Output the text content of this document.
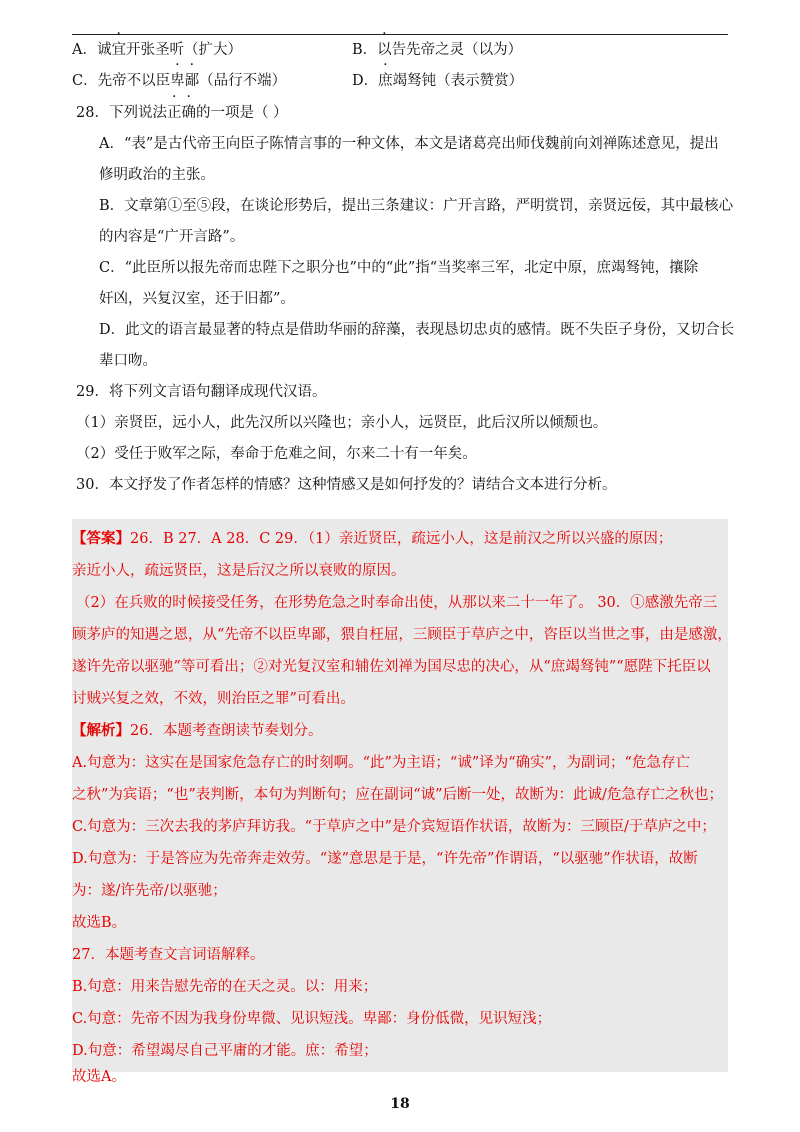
A．诚宜开张圣听（扩大）	B．以告先帝之灵（以为）
C．先帝不以臣卑鄙（品行不端）	D．庶竭驽钝（表示赞赏）
28．下列说法正确的一项是（ ）
A．“表”是古代帝王向臣子陈情言事的一种文体，本文是诸葛亮出师伐魏前向刘禅陈述意见，提出
修明政治的主张。
B．文章第①至⑤段，在谈论形势后，提出三条建议：广开言路，严明赏罚，亲贤远佞，其中最核心
的内容是“广开言路”。
C．“此臣所以报先帝而忠陛下之职分也”中的“此”指“当奖率三军，北定中原，庶竭驽钝，攘除
奸凶，兴复汉室，还于旧都”。
D．此文的语言最显著的特点是借助华丽的辞藻，表现恳切忠贞的感情。既不失臣子身份，又切合长
辈口吻。
29．将下列文言语句翻译成现代汉语。
（1）亲贤臣，远小人，此先汉所以兴隆也；亲小人，远贤臣，此后汉所以倾颓也。
（2）受任于败军之际，奉命于危难之间，尔来二十有一年矣。
30．本文抒发了作者怎样的情感？这种情感又是如何抒发的？请结合文本进行分析。
【答案】26．B 27．A 28．C 29．（1）亲近贤臣，疏远小人，这是前汉之所以兴盛的原因；
亲近小人，疏远贤臣，这是后汉之所以衰败的原因。
（2）在兵败的时候接受任务，在形势危急之时奉命出使，从那以来二十一年了。 30．①感激先帝三
顾茅庐的知遇之恩，从“先帝不以臣卑鄙，猥自枉屈，三顾臣于草庐之中，咨臣以当世之事，由是感激，
遂许先帝以驱驰”等可看出；②对光复汉室和辅佐刘禅为国尽忠的决心，从“庶竭驽钝”“愿陛下托臣以
讨贼兴复之效，不效，则治臣之罪”可看出。
【解析】26．本题考查朗读节奏划分。
A.句意为：这实在是国家危急存亡的时刻啊。“此”为主语；“诚”译为“确实”，为副词；“危急存亡
之秋”为宾语；“也”表判断，本句为判断句；应在副词“诚”后断一处，故断为：此诚/危急存亡之秋也；
C.句意为：三次去我的茅庐拜访我。“于草庐之中”是介宾短语作状语，故断为：三顾臣/于草庐之中；
D.句意为：于是答应为先帝奔走效劳。“遂”意思是于是，“许先帝”作谓语，“以驱驰”作状语，故断
为：遂/许先帝/以驱驰；
故选B。
27．本题考查文言词语解释。
B.句意：用来告慰先帝的在天之灵。以：用来；
C.句意：先帝不因为我身份卑微、见识短浅。卑鄙：身份低微，见识短浅；
D.句意：希望竭尽自己平庸的才能。庶：希望；
故选A。
18
